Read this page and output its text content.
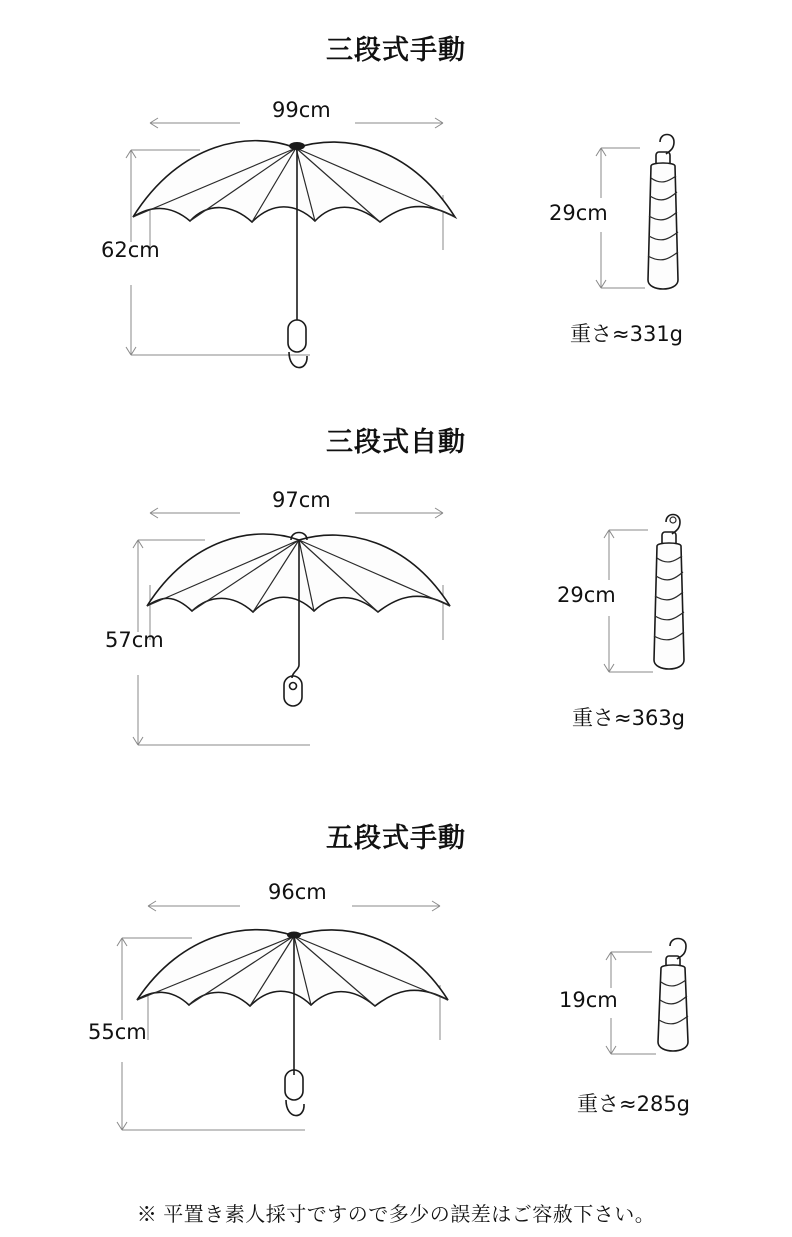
三段式手動
99cm
62cm
29cm
重さ≈331g
三段式自動
97cm
57cm
29cm
重さ≈363g
五段式手動
96cm
55cm
19cm
重さ≈285g
※ 平置き素人採寸ですので多少の誤差はご容赦下さい。
